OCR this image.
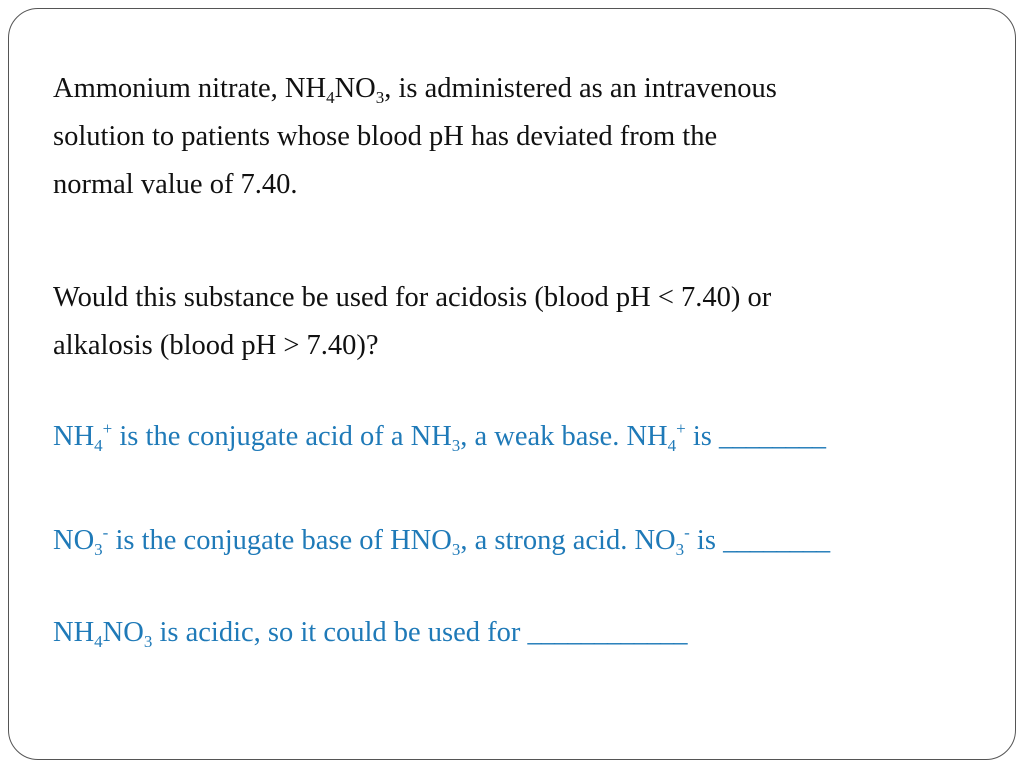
Ammonium nitrate, $NH_4NO_3$, is administered as an intravenous
solution to patients whose blood pH has deviated from the
normal value of 7.40.
Would this substance be used for acidosis (blood pH < 7.40) or
alkalosis (blood pH > 7.40)?
$NH_4^+$ is the conjugate acid of a $NH_3$, a weak base. $NH_4^+$ is ________
$NO_3^-$ is the conjugate base of $HNO_3$, a strong acid. $NO_3^-$ is ________
$NH_4NO_3$ is acidic, so it could be used for ____________
